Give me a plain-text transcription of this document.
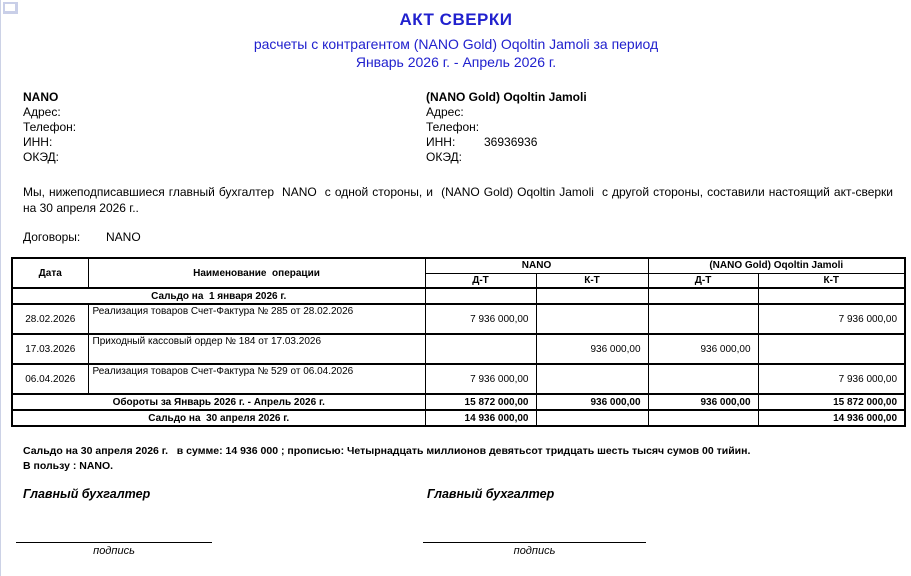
АКТ СВЕРКИ
расчеты с контрагентом (NANO Gold) Oqoltin Jamoli за период
Январь 2026 г. - Апрель 2026 г.
NANO
Адрес:
Телефон:
ИНН:
ОКЭД:
(NANO Gold) Oqoltin Jamoli
Адрес:
Телефон:
ИНН: 36936936
ОКЭД:
Мы, нижеподписавшиеся главный бухгалтер  NANO  с одной стороны, и  (NANO Gold) Oqoltin Jamoli  с другой стороны, составили настоящий акт-сверки на 30 апреля 2026 г..
Договоры: NANO
Дата	Наименование  операции	NANO		(NANO Gold) Oqoltin Jamoli	
		Д-Т	К-Т	Д-Т	К-Т
Сальдо на  1 января 2026 г.					
28.02.2026	Реализация товаров Счет-Фактура № 285 от 28.02.2026	7 936 000,00			7 936 000,00
17.03.2026	Приходный кассовый ордер № 184 от 17.03.2026		936 000,00	936 000,00	
06.04.2026	Реализация товаров Счет-Фактура № 529 от 06.04.2026	7 936 000,00			7 936 000,00
Обороты за Январь 2026 г. - Апрель 2026 г.		15 872 000,00	936 000,00	936 000,00	15 872 000,00
Сальдо на  30 апреля 2026 г.		14 936 000,00			14 936 000,00
Сальдо на 30 апреля 2026 г.   в сумме: 14 936 000 ; прописью: Четырнадцать миллионов девятьсот тридцать шесть тысяч сумов 00 тийин.
В пользу : NANO.
Главный бухгалтер	Главный бухгалтер
подпись	подпись
